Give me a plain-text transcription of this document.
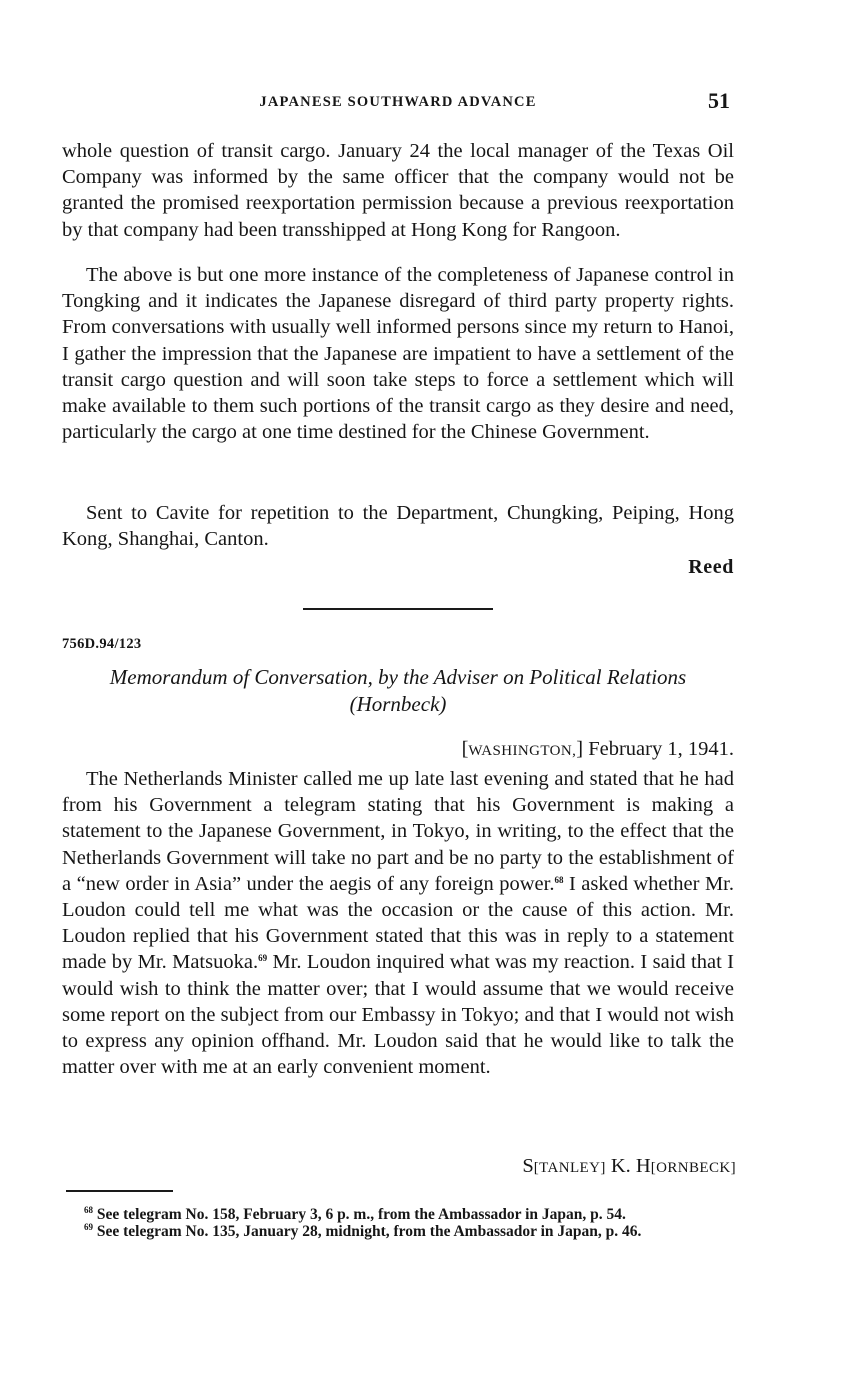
JAPANESE SOUTHWARD ADVANCE	51

whole question of transit cargo. January 24 the local manager of the Texas Oil Company was informed by the same officer that the company would not be granted the promised reexportation permission because a previous reexportation by that company had been transshipped at Hong Kong for Rangoon.

The above is but one more instance of the completeness of Japanese control in Tongking and it indicates the Japanese disregard of third party property rights. From conversations with usually well informed persons since my return to Hanoi, I gather the impression that the Japanese are impatient to have a settlement of the transit cargo question and will soon take steps to force a settlement which will make available to them such portions of the transit cargo as they desire and need, particularly the cargo at one time destined for the Chinese Government.

Sent to Cavite for repetition to the Department, Chungking, Peiping, Hong Kong, Shanghai, Canton.

Reed
756D.94/123
Memorandum of Conversation, by the Adviser on Political Relations
(Hornbeck)
[WASHINGTON,] February 1, 1941.

The Netherlands Minister called me up late last evening and stated that he had from his Government a telegram stating that his Government is making a statement to the Japanese Government, in Tokyo, in writing, to the effect that the Netherlands Government will take no part and be no party to the establishment of a “new order in Asia” under the aegis of any foreign power.$^{68}$ I asked whether Mr. Loudon could tell me what was the occasion or the cause of this action. Mr. Loudon replied that his Government stated that this was in reply to a statement made by Mr. Matsuoka.$^{69}$ Mr. Loudon inquired what was my reaction. I said that I would wish to think the matter over; that I would assume that we would receive some report on the subject from our Embassy in Tokyo; and that I would not wish to express any opinion offhand. Mr. Loudon said that he would like to talk the matter over with me at an early convenient moment.

S[TANLEY] K. H[ORNBECK]

$^{68}$ See telegram No. 158, February 3, 6 p. m., from the Ambassador in Japan, p. 54.

$^{69}$ See telegram No. 135, January 28, midnight, from the Ambassador in Japan, p. 46.
